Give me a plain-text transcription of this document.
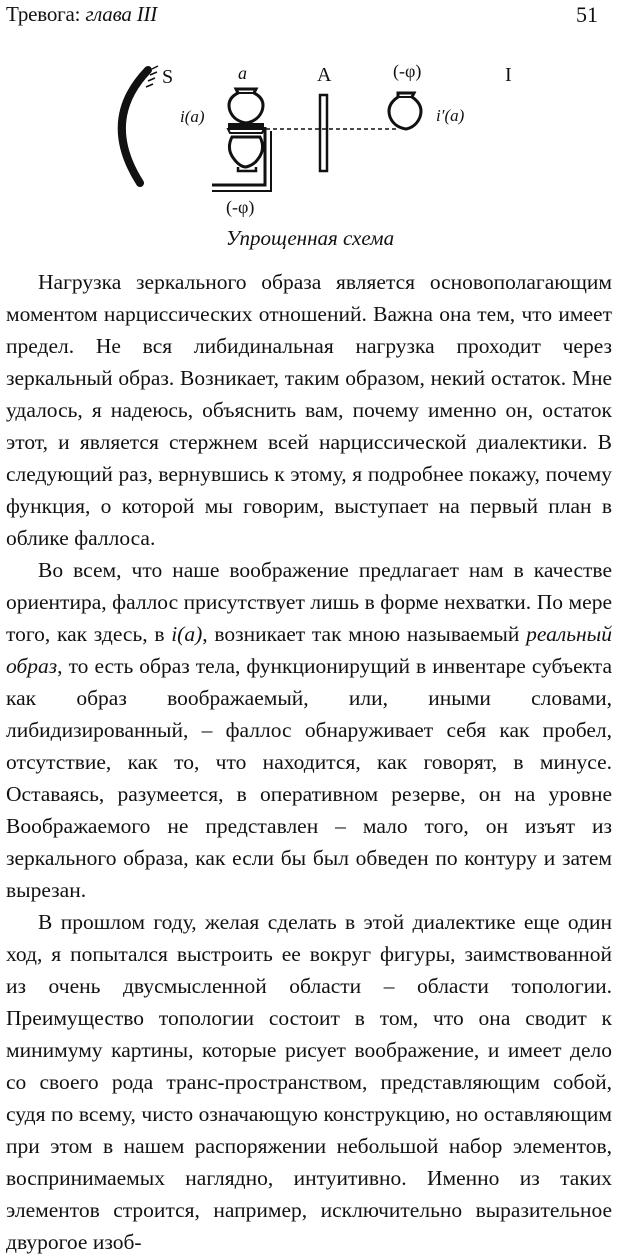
Тревога: глава III	51
S	a	A	(-φ)	I
i(a)	i′(a)
(-φ)
Упрощенная схема

Нагрузка зеркального образа является основополагающим моментом нарциссических отношений. Важна она тем, что имеет предел. Не вся либидинальная нагрузка проходит через зеркальный образ. Возникает, таким образом, некий остаток. Мне удалось, я надеюсь, объяснить вам, почему именно он, остаток этот, и является стержнем всей нарциссической диалектики. В следующий раз, вернувшись к этому, я подробнее покажу, почему функция, о которой мы говорим, выступает на первый план в облике фаллоса.

Во всем, что наше воображение предлагает нам в качестве ориентира, фаллос присутствует лишь в форме нехватки. По мере того, как здесь, в i(a), возникает так мною называемый реальный образ, то есть образ тела, функционирущий в инвентаре субъекта как образ воображаемый, или, иными словами, либидизированный, – фаллос обнаруживает себя как пробел, отсутствие, как то, что находится, как говорят, в минусе. Оставаясь, разумеется, в оперативном резерве, он на уровне Воображаемого не представлен – мало того, он изъят из зеркального образа, как если бы был обведен по контуру и затем вырезан.

В прошлом году, желая сделать в этой диалектике еще один ход, я попытался выстроить ее вокруг фигуры, заимствованной из очень двусмысленной области – области топологии. Преимущество топологии состоит в том, что она сводит к минимуму картины, которые рисует воображение, и имеет дело со своего рода транс-пространством, представляющим собой, судя по всему, чисто означающую конструкцию, но оставляющим при этом в нашем распоряжении небольшой набор элементов, воспринимаемых наглядно, интуитивно. Именно из таких элементов строится, например, исключительно выразительное двурогое изоб-
